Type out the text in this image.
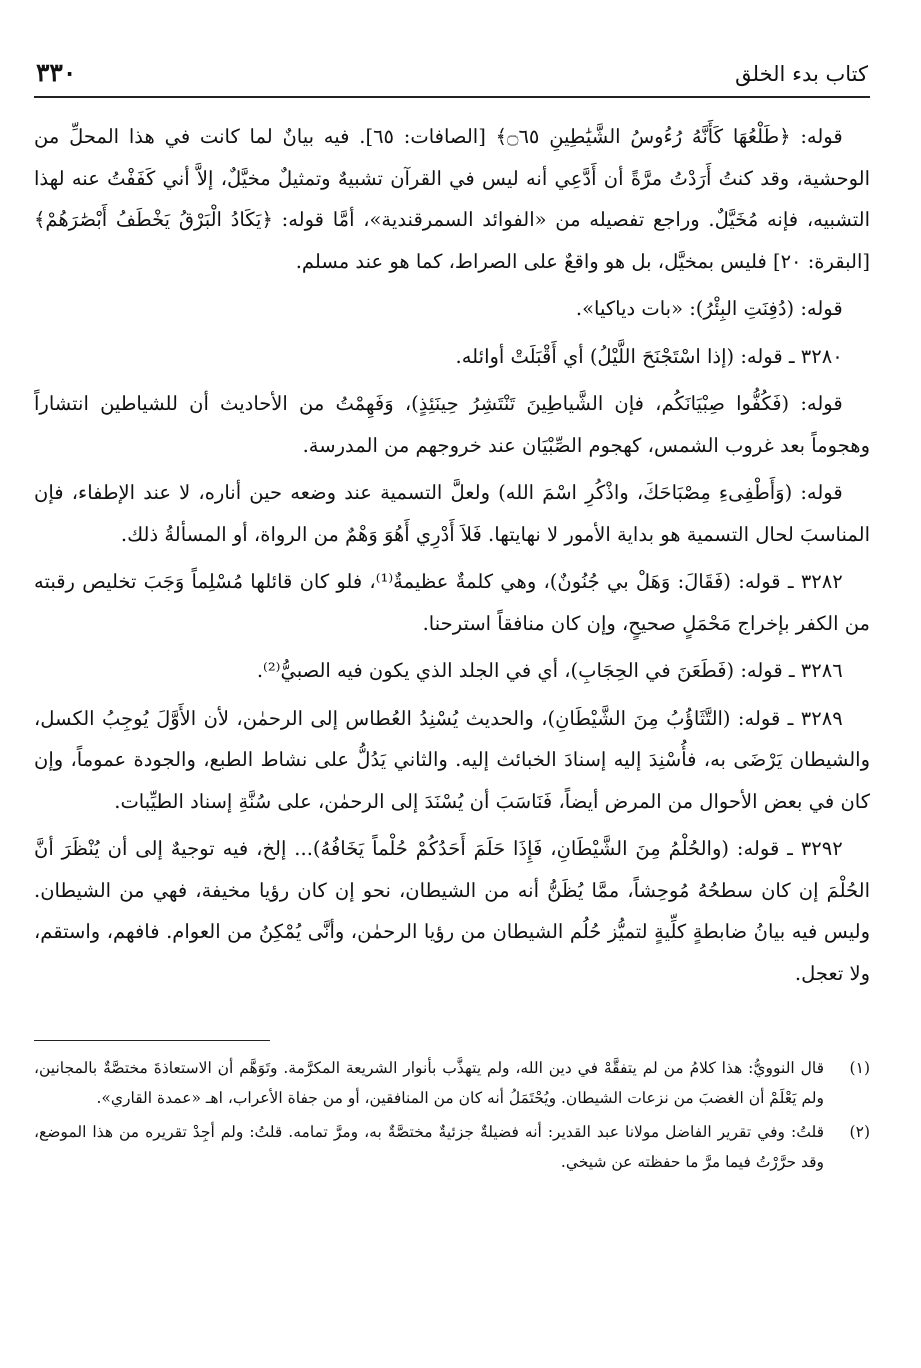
كتاب بدء الخلق
٣٣٠

قوله: ﴿طَلْعُهَا كَأَنَّهُ رُءُوسُ الشَّيَٰطِينِ ۝٦٥﴾ [الصافات: ٦٥]. فيه بيانٌ لما كانت في هذا المحلِّ من الوحشية، وقد كنتُ أَرَدْتُ مرَّةً أن أَدَّعِي أنه ليس في القرآن تشبيهٌ وتمثيلٌ مخيَّلٌ، إلاَّ أني كَفَفْتُ عنه لهذا التشبيه، فإنه مُخَيَّلٌ. وراجع تفصيله من «الفوائد السمرقندية»، أمَّا قوله: ﴿يَكَادُ الْبَرْقُ يَخْطَفُ أَبْصَٰرَهُمْ﴾ [البقرة: ٢٠] فليس بمخيَّل، بل هو واقعٌ على الصراط، كما هو عند مسلم.

قوله: (دُفِنَتِ البِئْرُ): «بات دياكيا».

٣٢٨٠ ـ قوله: (إذا اسْتَجْنَحَ اللَّيْلُ) أي أَقْبَلَتْ أوائله.

قوله: (فَكُفُّوا صِبْيَانَكُم، فإن الشَّياطِينَ تَنْتَشِرُ حِينَئِذٍ)، وَفَهِمْتُ من الأحاديث أن للشياطين انتشاراً وهجوماً بعد غروب الشمس، كهجوم الصِّبْيَان عند خروجهم من المدرسة.

قوله: (وَأَطْفِىءِ مِصْبَاحَكَ، واذْكُرِ اسْمَ الله) ولعلَّ التسمية عند وضعه حين أناره، لا عند الإطفاء، فإن المناسبَ لحال التسمية هو بداية الأمور لا نهايتها. فَلاَ أَدْرِي أَهُوَ وَهْمٌ من الرواة، أو المسألةُ ذلك.

٣٢٨٢ ـ قوله: (فَقَالَ: وَهَلْ بي جُنُونٌ)، وهي كلمةٌ عظيمةٌ⁽¹⁾، فلو كان قائلها مُسْلِماً وَجَبَ تخليص رقبته من الكفر بإخراج مَحْمَلٍ صحيحٍ، وإن كان منافقاً استرحنا.

٣٢٨٦ ـ قوله: (فَطَعَنَ في الحِجَابِ)، أي في الجلد الذي يكون فيه الصبيُّ⁽²⁾.

٣٢٨٩ ـ قوله: (التَّثَاؤُبُ مِنَ الشَّيْطَانِ)، والحديث يُسْنِدُ العُطاس إلى الرحمٰن، لأن الأَوَّلَ يُوجِبُ الكسل، والشيطان يَرْضَى به، فأُسْنِدَ إليه إسنادَ الخبائث إليه. والثاني يَدُلُّ على نشاط الطبع، والجودة عموماً، وإن كان في بعض الأحوال من المرض أيضاً، فَنَاسَبَ أن يُسْنَدَ إلى الرحمٰن، على سُنَّةِ إسناد الطيِّبات.

٣٢٩٢ ـ قوله: (والحُلْمُ مِنَ الشَّيْطَانِ، فَإِذَا حَلَمَ أَحَدُكُمْ حُلْماً يَخَافُهُ)... إلخ، فيه توجيهٌ إلى أن يُنْظَرَ أنَّ الحُلْمَ إن كان سطحُهُ مُوحِشاً، ممَّا يُظَنُّ أنه من الشيطان، نحو إن كان رؤيا مخيفة، فهي من الشيطان. وليس فيه بيانُ ضابطةٍ كلِّيةٍ لتميُّز حُلُم الشيطان من رؤيا الرحمٰن، وأنَّى يُمْكِنُ من العوام. فافهم، واستقم، ولا تعجل.

(١)
قال النوويُّ: هذا كلامُ من لم يتفقَّهْ في دين الله، ولم يتهذَّب بأنوار الشريعة المكرَّمة. وتَوَهَّم أن الاستعاذةَ مختصَّةٌ بالمجانين، ولم يَعْلَمْ أن الغضبَ من نزعات الشيطان. ويُحْتَمَلُ أنه كان من المنافقين، أو من جفاة الأعراب، اهـ «عمدة القاري».
(٢)
قلتُ: وفي تقرير الفاضل مولانا عبد القدير: أنه فضيلةٌ جزئيةٌ مختصَّةٌ به، ومرَّ تمامه. قلتُ: ولم أجِدْ تقريره من هذا الموضع، وقد حرَّرْتُ فيما مرَّ ما حفظته عن شيخي.
